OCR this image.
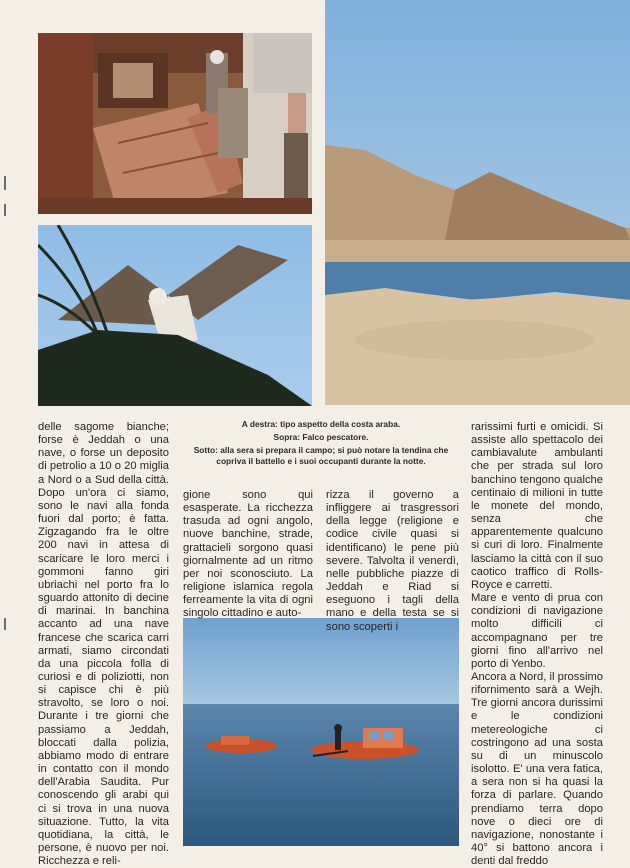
A destra: tipo aspetto della costa araba.
Sopra: Falco pescatore.
Sotto: alla sera si prepara il campo; si può notare la tendina che copriva il battello e i suoi occupanti durante la notte.

delle sagome bianche; forse è Jeddah o una nave, o forse un deposito di petrolio a 10 o 20 miglia a Nord o a Sud della città. Dopo un'ora ci siamo, sono le navi alla fonda fuori dal porto; è fatta. Zigzagando fra le oltre 200 navi in attesa di scaricare le loro merci i gommoni fanno giri ubriachi nel porto fra lo sguardo attonito di decine di marinai. In banchina accanto ad una nave francese che scarica carri armati, siamo circondati da una piccola folla di curiosi e di poliziotti, non si capisce chi è più stravolto, se loro o noi. Durante i tre giorni che passiamo a Jeddah, bloccati dalla polizia, abbiamo modo di entrare in contatto con il mondo dell'Arabia Saudita. Pur conoscendo gli arabi qui ci si trova in una nuova situazione. Tutto, la vita quotidiana, la città, le persone, è nuovo per noi. Ricchezza e reli-

gione sono qui esasperate. La ricchezza trasuda ad ogni angolo, nuove banchine, strade, grattacieli sorgono quasi giornalmente ad un ritmo per noi sconosciuto. La religione islamica regola ferreamente la vita di ogni singolo cittadino e auto-

rizza il governo a infliggere ai trasgressori della legge (religione e codice civile quasi si identificano) le pene più severe. Talvolta il venerdì, nelle pubbliche piazze di Jeddah e Riad si eseguono i tagli della mano e della testa se si sono scoperti i

rarissimi furti e omicidi. Si assiste allo spettacolo dei cambiavalute ambulanti che per strada sul loro banchino tengono qualche centinaio di milioni in tutte le monete del mondo, senza che apparentemente qualcuno si curi di loro. Finalmente lasciamo la città con il suo caotico traffico di Rolls-Royce e carretti.

Mare e vento di prua con condizioni di navigazione molto difficili ci accompagnano per tre giorni fino all'arrivo nel porto di Yenbo.

Ancora a Nord, il prossimo rifornimento sarà a Wejh. Tre giorni ancora durissimi e le condizioni metereologiche ci costringono ad una sosta su di un minuscolo isolotto. E' una vera fatica, a sera non si ha quasi la forza di parlare. Quando prendiamo terra dopo nove o dieci ore di navigazione, nonostante i 40° si battono ancora i denti dal freddo
